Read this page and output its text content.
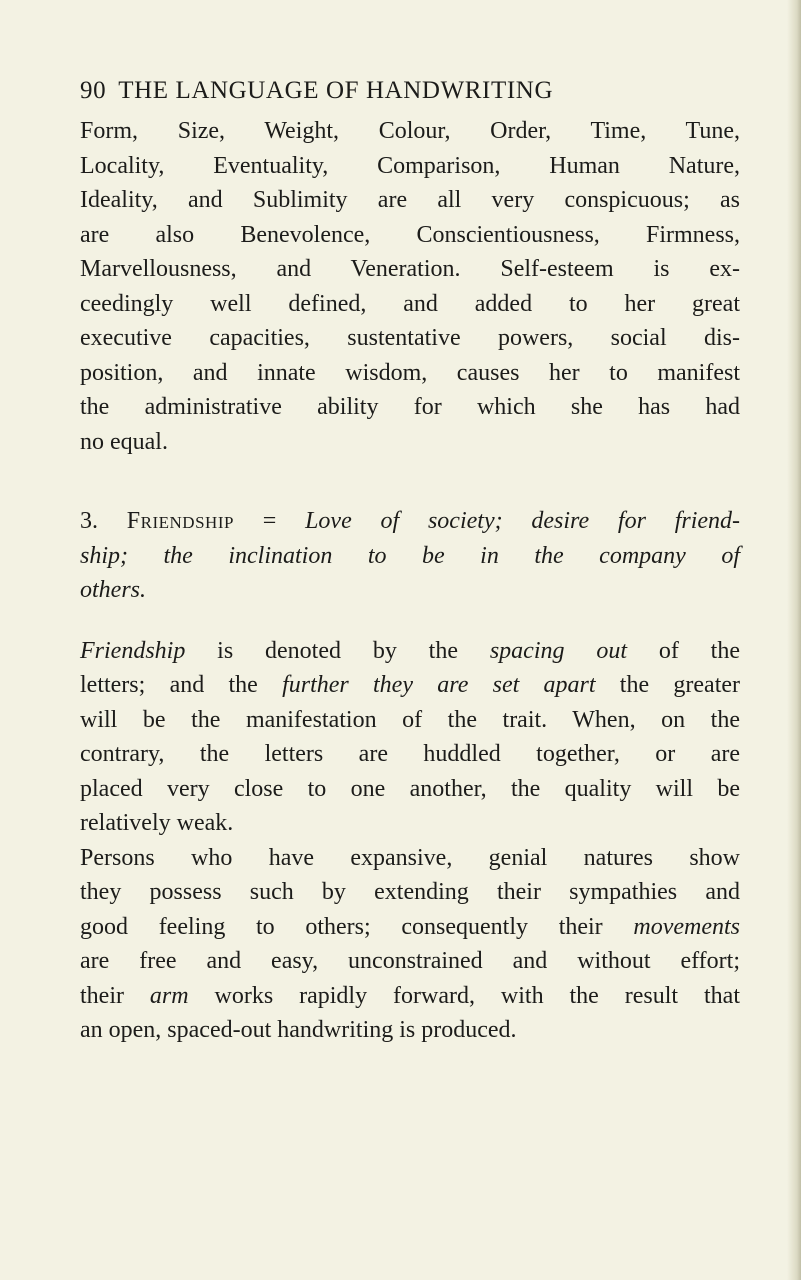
90 THE LANGUAGE OF HANDWRITING
Form, Size, Weight, Colour, Order, Time, Tune,
Locality, Eventuality, Comparison, Human Nature,
Ideality, and Sublimity are all very conspicuous; as
are also Benevolence, Conscientiousness, Firmness,
Marvellousness, and Veneration. Self-esteem is ex-
ceedingly well defined, and added to her great
executive capacities, sustentative powers, social dis-
position, and innate wisdom, causes her to manifest
the administrative ability for which she has had
no equal.
3. Friendship = Love of society; desire for friend-
ship; the inclination to be in the company of
others.
Friendship is denoted by the spacing out of the
letters; and the further they are set apart the greater
will be the manifestation of the trait. When, on the
contrary, the letters are huddled together, or are
placed very close to one another, the quality will be
relatively weak.
Persons who have expansive, genial natures show
they possess such by extending their sympathies and
good feeling to others; consequently their movements
are free and easy, unconstrained and without effort;
their arm works rapidly forward, with the result that
an open, spaced-out handwriting is produced.
